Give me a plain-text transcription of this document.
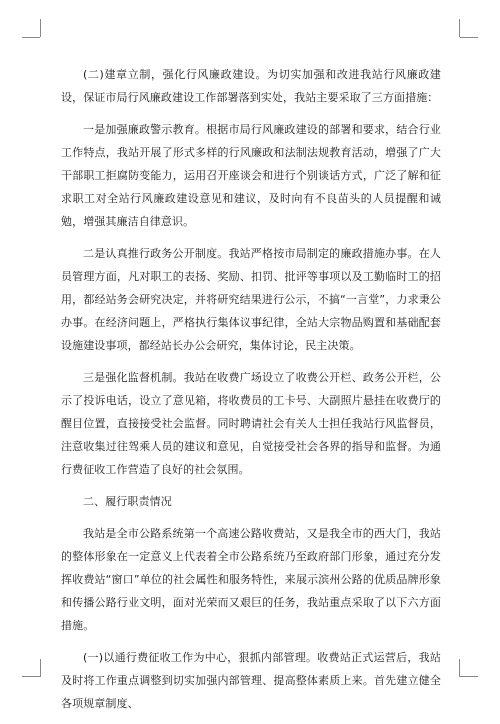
(二)建章立制，强化行风廉政建设。为切实加强和改进我站行风廉政建设，保证市局行风廉政建设工作部署落到实处，我站主要采取了三方面措施：

一是加强廉政警示教育。根据市局行风廉政建设的部署和要求，结合行业工作特点，我站开展了形式多样的行风廉政和法制法规教育活动，增强了广大干部职工拒腐防变能力，运用召开座谈会和进行个别谈话方式，广泛了解和征求职工对全站行风廉政建设意见和建议，及时向有不良苗头的人员提醒和诫勉，增强其廉洁自律意识。

二是认真推行政务公开制度。我站严格按市局制定的廉政措施办事。在人员管理方面，凡对职工的表扬、奖励、扣罚、批评等事项以及工勤临时工的招用，都经站务会研究决定，并将研究结果进行公示，不搞“一言堂”，力求秉公办事。在经济问题上，严格执行集体议事纪律，全站大宗物品购置和基础配套设施建设事项，都经站长办公会研究，集体讨论，民主决策。

三是强化监督机制。我站在收费广场设立了收费公开栏、政务公开栏，公示了投诉电话，设立了意见箱，将收费员的工卡号、大副照片悬挂在收费厅的醒目位置，直接接受社会监督。同时聘请社会有关人士担任我站行风监督员，注意收集过往驾乘人员的建议和意见，自觉接受社会各界的指导和监督。为通行费征收工作营造了良好的社会氛围。

二、履行职责情况

我站是全市公路系统第一个高速公路收费站，又是我全市的西大门，我站的整体形象在一定意义上代表着全市公路系统乃至政府部门形象，通过充分发挥收费站“窗口”单位的社会属性和服务特性，来展示滨州公路的优质品牌形象和传播公路行业文明，面对光荣而又艰巨的任务，我站重点采取了以下六方面措施。

(一)以通行费征收工作为中心，狠抓内部管理。收费站正式运营后，我站及时将工作重点调整到切实加强内部管理、提高整体素质上来。首先建立健全各项规章制度、
